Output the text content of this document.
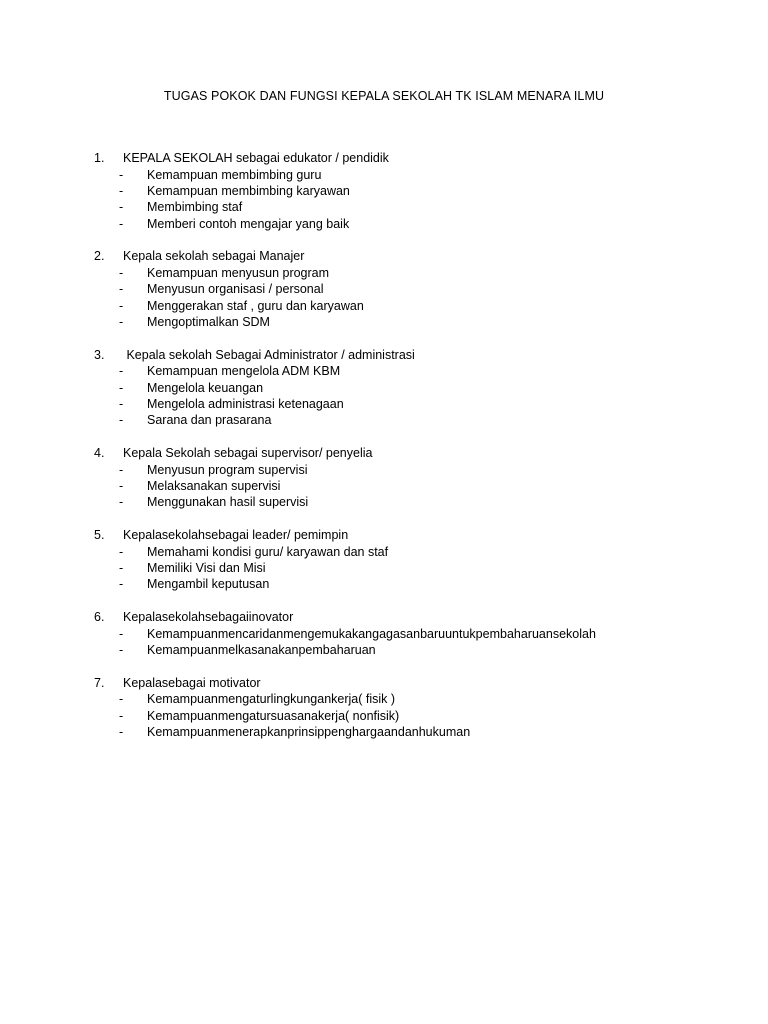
TUGAS POKOK DAN FUNGSI KEPALA SEKOLAH TK ISLAM MENARA ILMU
1.	KEPALA SEKOLAH sebagai edukator / pendidik
-	Kemampuan membimbing guru
-	Kemampuan membimbing karyawan
-	Membimbing staf
-	Memberi contoh mengajar yang baik
2.	Kepala sekolah sebagai Manajer
-	Kemampuan menyusun program
-	Menyusun organisasi / personal
-	Menggerakan staf , guru dan karyawan
-	Mengoptimalkan SDM
3.	Kepala sekolah Sebagai Administrator / administrasi
-	Kemampuan mengelola ADM KBM
-	Mengelola keuangan
-	Mengelola administrasi ketenagaan
-	Sarana dan prasarana
4.	Kepala Sekolah sebagai supervisor/ penyelia
-	Menyusun program supervisi
-	Melaksanakan supervisi
-	Menggunakan hasil supervisi
5.	Kepalasekolahsebagai leader/ pemimpin
-	Memahami kondisi guru/ karyawan dan staf
-	Memiliki Visi dan Misi
-	Mengambil keputusan
6.	Kepalasekolahsebagaiinovator
-	Kemampuanmencaridanmengemukakangagasanbaruuntukpembaharuansekolah
-	Kemampuanmelkasanakanpembaharuan
7.	Kepalasebagai motivator
-	Kemampuanmengaturlingkungankerja( fisik )
-	Kemampuanmengatursuasanakerja( nonfisik)
-	Kemampuanmenerapkanprinsippenghargaandanhukuman
